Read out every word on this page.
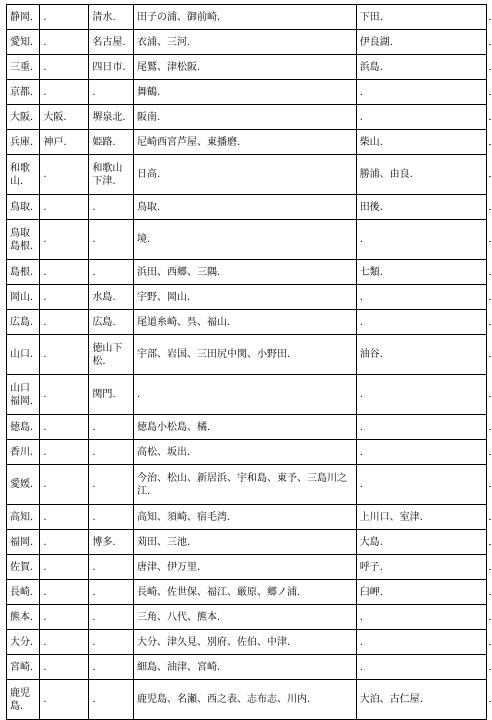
静岡.	.	清水.	田子の浦、御前崎.	下田.
愛知.	.	名古屋.	衣浦、三河.	伊良湖.
三重.	.	四日市.	尾鷲、津松阪.	浜島.
京都.	.	.	舞鶴.	.
大阪.	大阪.	堺泉北.	阪南.	.
兵庫.	神戸.	姫路.	尼崎西宮芦屋、東播磨.	柴山.
和歌山.	.	和歌山下津.	日高.	勝浦、由良.
鳥取.	.	.	鳥取.	田後.
鳥取島根.	.	.	境.	.
島根.	.	.	浜田、西郷、三隅.	七類.
岡山.	.	水島.	宇野、岡山.	.
広島.	.	広島.	尾道糸崎、呉、福山.	.
山口.	.	徳山下松.	宇部、岩国、三田尻中関、小野田.	油谷.
山口福岡.	.	関門.	.	.
徳島.	.	.	徳島小松島、橘.	.
香川.	.	.	高松、坂出.	.
愛媛.	.	.	今治、松山、新居浜、宇和島、東予、三島川之江.	.
高知.	.	.	高知、須崎、宿毛湾.	上川口、室津.
福岡.	.	博多.	苅田、三池.	大島.
佐賀.	.	.	唐津、伊万里.	呼子.
長崎.	.	.	長崎、佐世保、福江、厳原、郷ノ浦.	臼岬.
熊本.	.	.	三角、八代、熊本.	.
大分.	.	.	大分、津久見、別府、佐伯、中津.	.
宮崎.	.	.	細島、油津、宮崎.	.
鹿児島.	.	.	鹿児島、名瀬、西之表、志布志、川内.	大泊、古仁屋.
